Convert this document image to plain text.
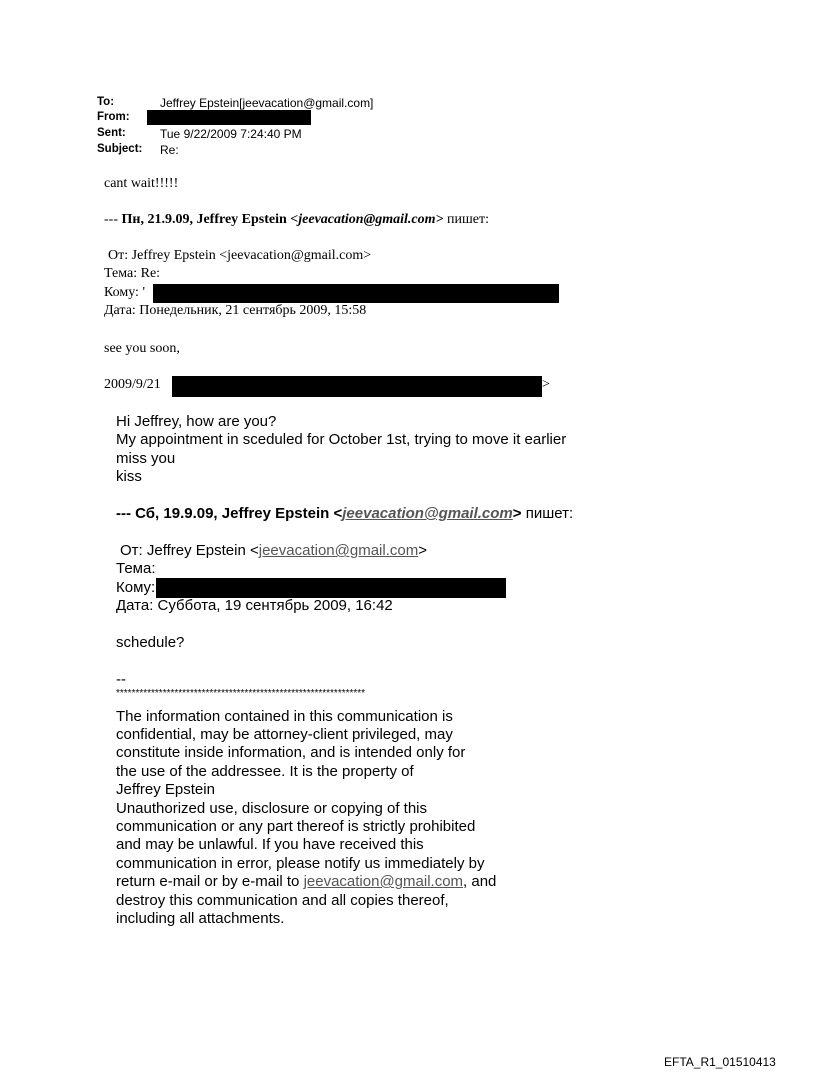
To:	Jeffrey Epstein[jeevacation@gmail.com]
From:
Sent:	Tue 9/22/2009 7:24:40 PM
Subject: Re:
cant wait!!!!!
--- Пн, 21.9.09, Jeffrey Epstein <jeevacation@gmail.com> пишет:
От: Jeffrey Epstein <jeevacation@gmail.com>
Тема: Re:
Кому: '
Дата: Понедельник, 21 сентябрь 2009, 15:58
see you soon,
2009/9/21	>
Hi Jeffrey, how are you?
My appointment in sceduled for October 1st, trying to move it earlier
miss you
kiss
--- Сб, 19.9.09, Jeffrey Epstein <jeevacation@gmail.com> пишет:
От: Jeffrey Epstein <jeevacation@gmail.com>
Тема:
Кому:
Дата: Суббота, 19 сентябрь 2009, 16:42
schedule?
--
****************************************************************
The information contained in this communication is
confidential, may be attorney-client privileged, may
constitute inside information, and is intended only for
the use of the addressee. It is the property of
Jeffrey Epstein
Unauthorized use, disclosure or copying of this
communication or any part thereof is strictly prohibited
and may be unlawful. If you have received this
communication in error, please notify us immediately by
return e-mail or by e-mail to jeevacation@gmail.com, and
destroy this communication and all copies thereof,
including all attachments.
EFTA_R1_01510413
